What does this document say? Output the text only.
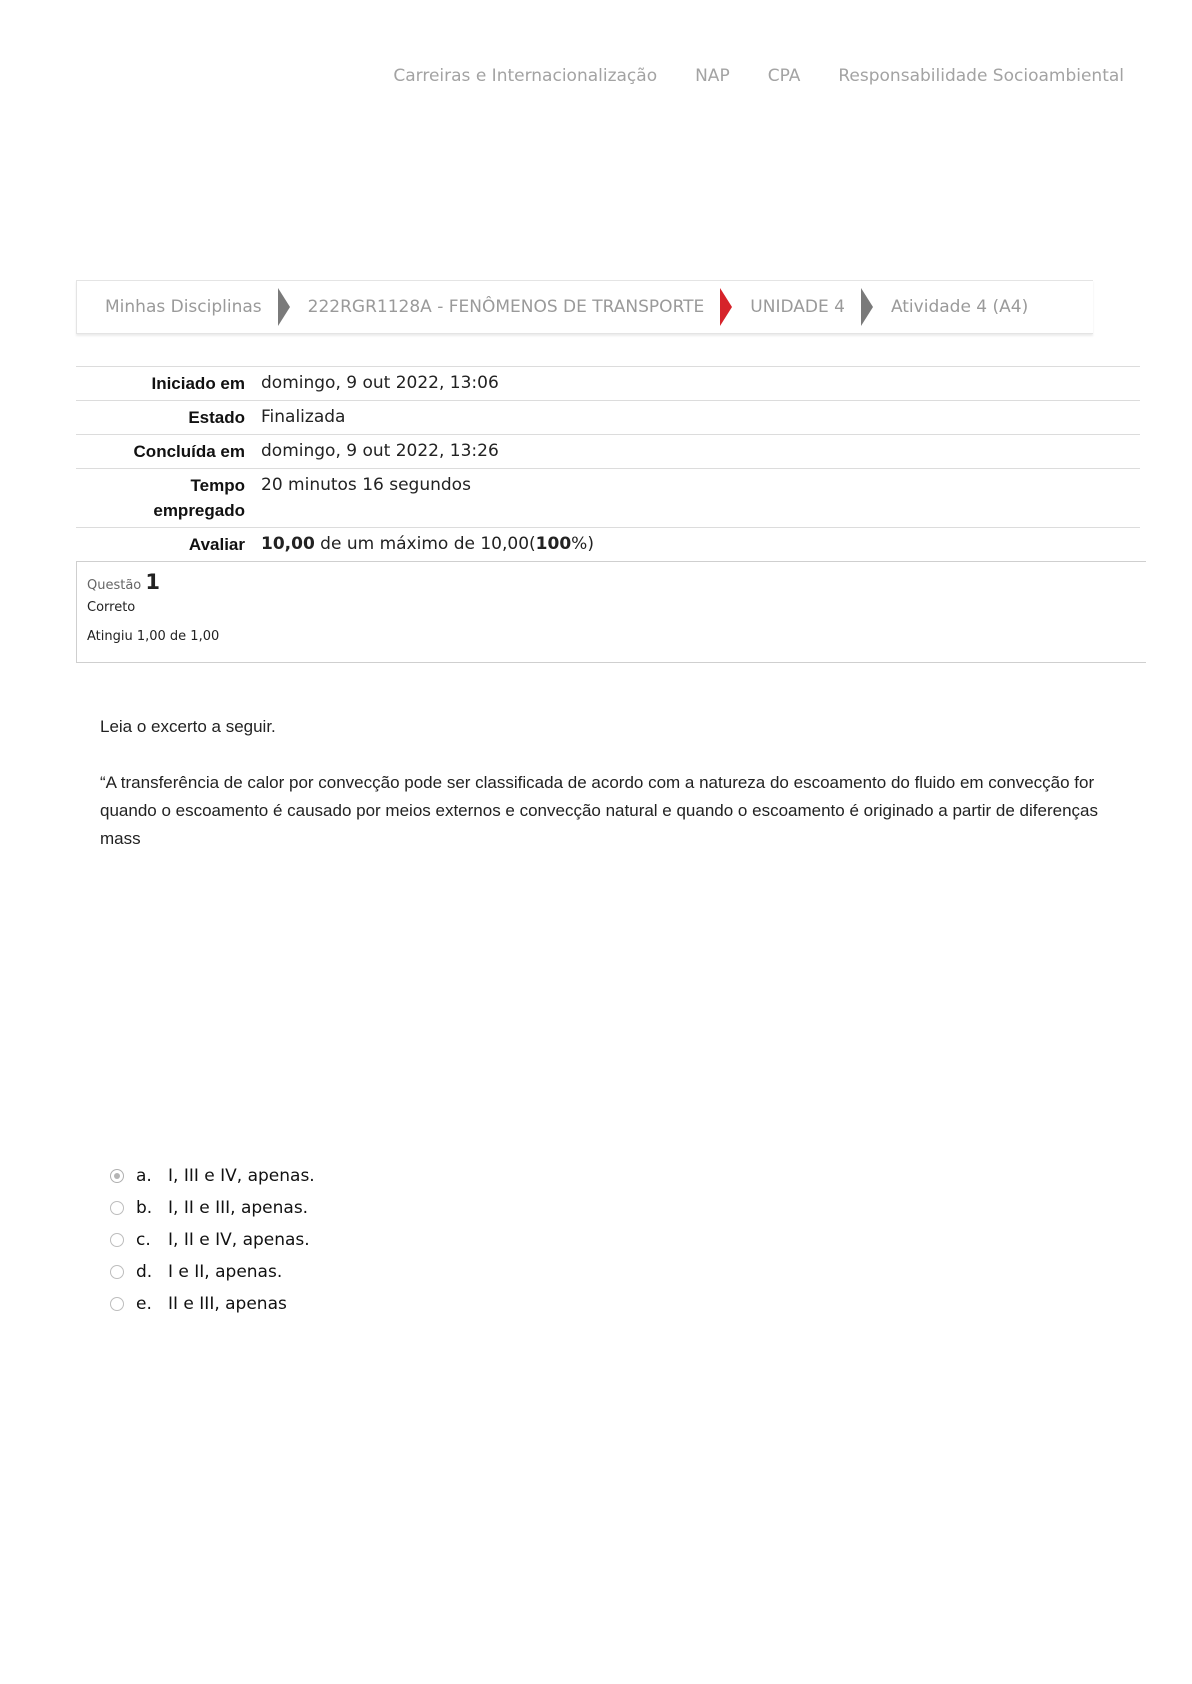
Carreiras e Internacionalização NAP CPA Responsabilidade Socioambiental
Minhas Disciplinas	222RGR1128A - FENÔMENOS DE TRANSPORTE	UNIDADE 4	Atividade 4 (A4)
Iniciado em	domingo, 9 out 2022, 13:06
Estado	Finalizada
Concluída em	domingo, 9 out 2022, 13:26
Tempo
empregado	20 minutos 16 segundos
Avaliar	10,00 de um máximo de 10,00(100%)
Questão 1
Correto
Atingiu 1,00 de 1,00
Leia o excerto a seguir.
“A transferência de calor por convecção pode ser classificada de acordo com a natureza do escoamento do fluido em convecção for
quando o escoamento é causado por meios externos e convecção natural e quando o escoamento é originado a partir de diferenças
mass
a. I, III e IV, apenas.
b. I, II e III, apenas.
c.	I, II e IV, apenas.
d. I e II, apenas.
e. II e III, apenas
